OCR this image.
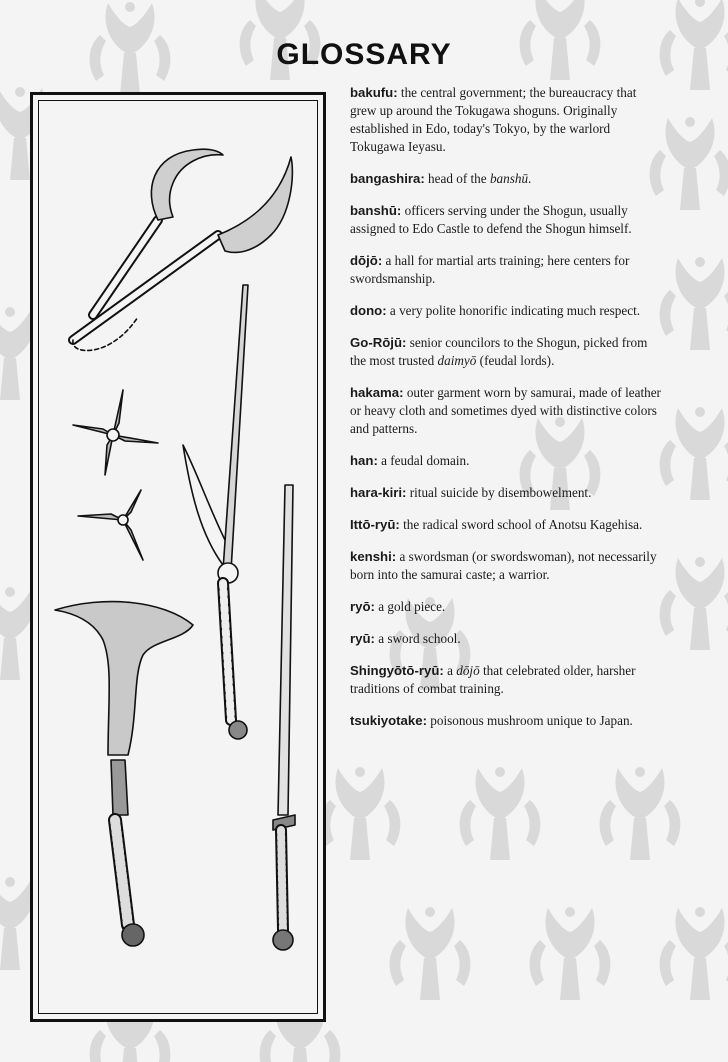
GLOSSARY
bakufu: the central government; the bureaucracy that grew up around the Tokugawa shoguns. Originally established in Edo, today's Tokyo, by the warlord Tokugawa Ieyasu.
bangashira: head of the banshū.
banshū: officers serving under the Shogun, usually assigned to Edo Castle to defend the Shogun himself.
dōjō: a hall for martial arts training; here centers for swordsmanship.
dono: a very polite honorific indicating much respect.
Go-Rōjū: senior councilors to the Shogun, picked from the most trusted daimyō (feudal lords).
hakama: outer garment worn by samurai, made of leather or heavy cloth and sometimes dyed with distinctive colors and patterns.
han: a feudal domain.
hara-kiri: ritual suicide by disembowelment.
Ittō-ryū: the radical sword school of Anotsu Kagehisa.
kenshi: a swordsman (or swordswoman), not necessarily born into the samurai caste; a warrior.
ryō: a gold piece.
ryū: a sword school.
Shingyōtō-ryū: a dōjō that celebrated older, harsher traditions of combat training.
tsukiyotake: poisonous mushroom unique to Japan.
